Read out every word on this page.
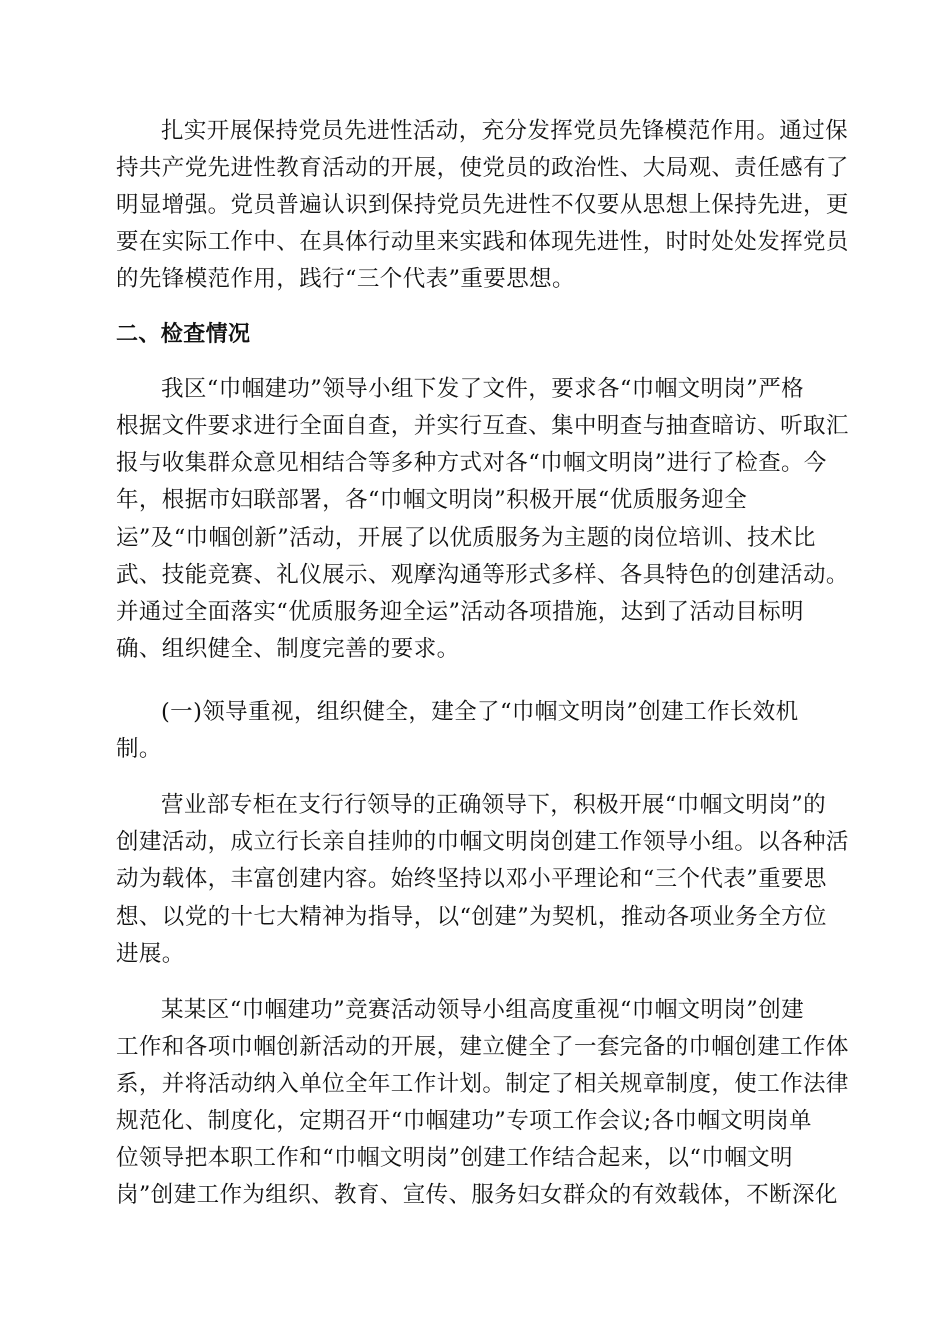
扎实开展保持党员先进性活动，充分发挥党员先锋模范作用。通过保
持共产党先进性教育活动的开展，使党员的政治性、大局观、责任感有了
明显增强。党员普遍认识到保持党员先进性不仅要从思想上保持先进，更
要在实际工作中、在具体行动里来实践和体现先进性，时时处处发挥党员
的先锋模范作用，践行“三个代表”重要思想。
二、检查情况
我区“巾帼建功”领导小组下发了文件，要求各“巾帼文明岗”严格
根据文件要求进行全面自查，并实行互查、集中明查与抽查暗访、听取汇
报与收集群众意见相结合等多种方式对各“巾帼文明岗”进行了检查。今
年，根据市妇联部署，各“巾帼文明岗”积极开展“优质服务迎全
运”及“巾帼创新”活动，开展了以优质服务为主题的岗位培训、技术比
武、技能竞赛、礼仪展示、观摩沟通等形式多样、各具特色的创建活动。
并通过全面落实“优质服务迎全运”活动各项措施，达到了活动目标明
确、组织健全、制度完善的要求。
(一)领导重视，组织健全，建全了“巾帼文明岗”创建工作长效机
制。
营业部专柜在支行行领导的正确领导下，积极开展“巾帼文明岗”的
创建活动，成立行长亲自挂帅的巾帼文明岗创建工作领导小组。以各种活
动为载体，丰富创建内容。始终坚持以邓小平理论和“三个代表”重要思
想、以党的十七大精神为指导，以“创建”为契机，推动各项业务全方位
进展。
某某区“巾帼建功”竞赛活动领导小组高度重视“巾帼文明岗”创建
工作和各项巾帼创新活动的开展，建立健全了一套完备的巾帼创建工作体
系，并将活动纳入单位全年工作计划。制定了相关规章制度，使工作法律
规范化、制度化，定期召开“巾帼建功”专项工作会议;各巾帼文明岗单
位领导把本职工作和“巾帼文明岗”创建工作结合起来，以“巾帼文明
岗”创建工作为组织、教育、宣传、服务妇女群众的有效载体，不断深化
